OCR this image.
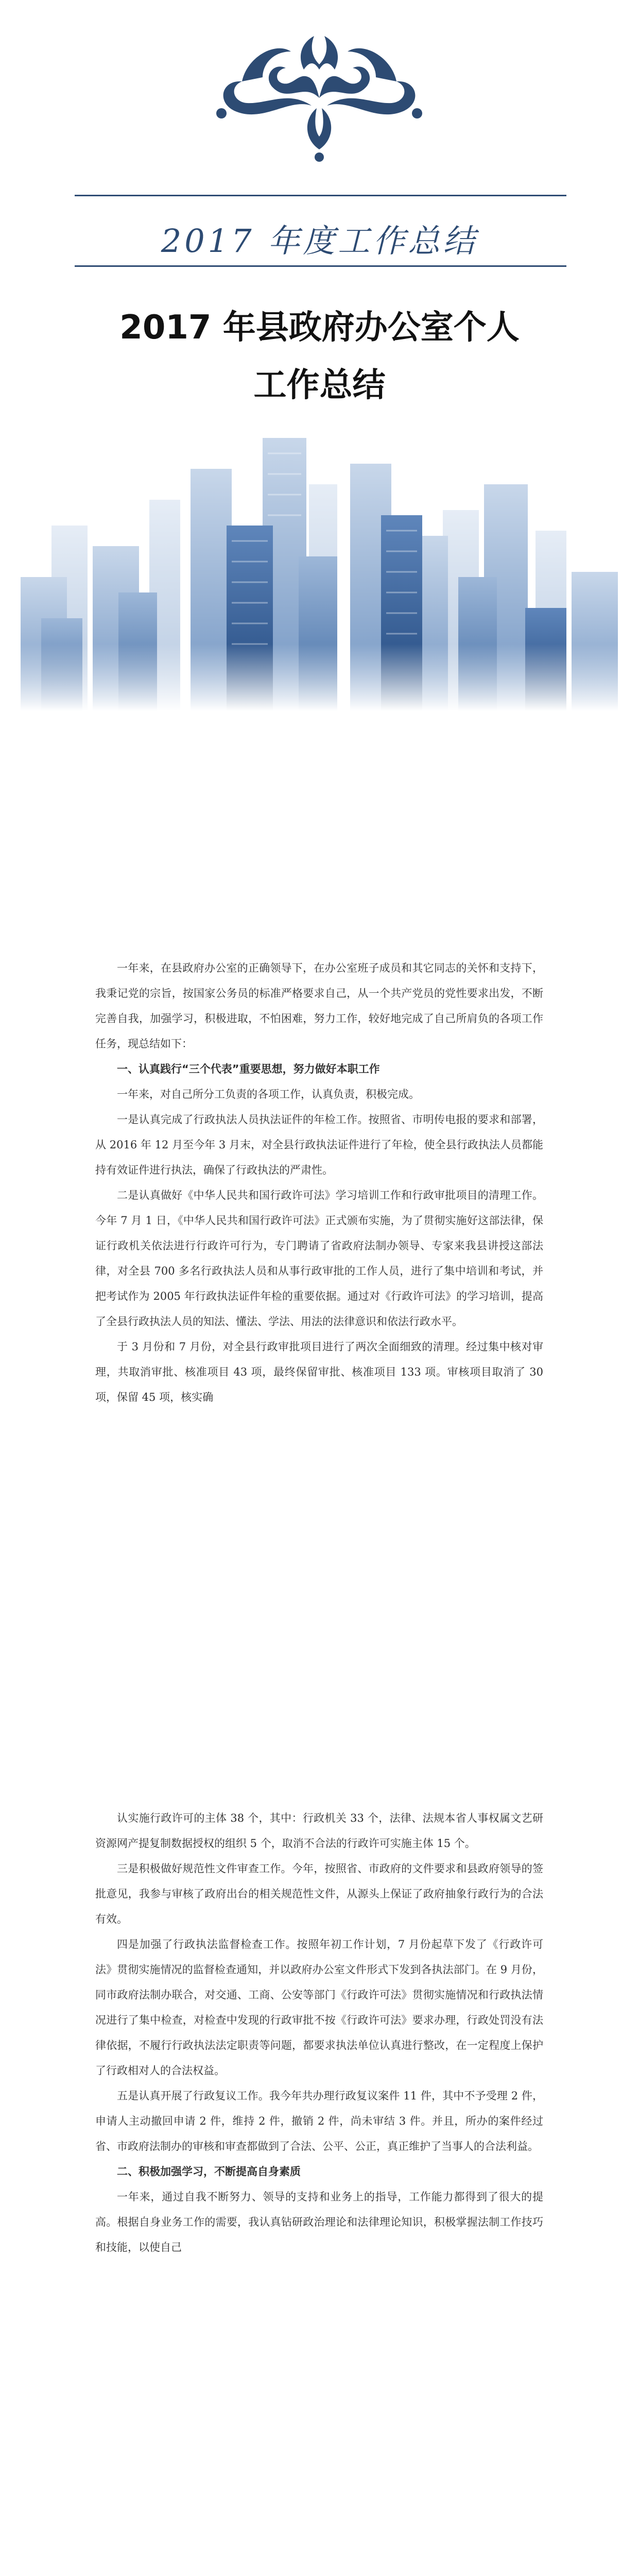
2017 年度工作总结
2017 年县政府办公室个人
工作总结

一年来，在县政府办公室的正确领导下，在办公室班子成员和其它同志的关怀和支持下，我秉记党的宗旨，按国家公务员的标准严格要求自己，从一个共产党员的党性要求出发，不断完善自我，加强学习，积极进取，不怕困难，努力工作，较好地完成了自己所肩负的各项工作任务，现总结如下：

一、认真践行“三个代表”重要思想，努力做好本职工作

一年来，对自己所分工负责的各项工作，认真负责，积极完成。

一是认真完成了行政执法人员执法证件的年检工作。按照省、市明传电报的要求和部署，从 2016 年 12 月至今年 3 月末，对全县行政执法证件进行了年检，使全县行政执法人员都能持有效证件进行执法，确保了行政执法的严肃性。

二是认真做好《中华人民共和国行政许可法》学习培训工作和行政审批项目的清理工作。今年 7 月 1 日，《中华人民共和国行政许可法》正式颁布实施，为了贯彻实施好这部法律，保证行政机关依法进行行政许可行为，专门聘请了省政府法制办领导、专家来我县讲授这部法律，对全县 700 多名行政执法人员和从事行政审批的工作人员，进行了集中培训和考试，并把考试作为 2005 年行政执法证件年检的重要依据。通过对《行政许可法》的学习培训，提高了全县行政执法人员的知法、懂法、学法、用法的法律意识和依法行政水平。

于 3 月份和 7 月份，对全县行政审批项目进行了两次全面细致的清理。经过集中核对审理，共取消审批、核准项目 43 项，最终保留审批、核准项目 133 项。审核项目取消了 30 项，保留 45 项，核实确

认实施行政许可的主体 38 个，其中：行政机关 33 个，法律、法规本省人事权属文艺研资源网产提复制数据授权的组织 5 个，取消不合法的行政许可实施主体 15 个。

三是积极做好规范性文件审查工作。今年，按照省、市政府的文件要求和县政府领导的签批意见，我参与审核了政府出台的相关规范性文件，从源头上保证了政府抽象行政行为的合法有效。

四是加强了行政执法监督检查工作。按照年初工作计划，7 月份起草下发了《行政许可法》贯彻实施情况的监督检查通知，并以政府办公室文件形式下发到各执法部门。在 9 月份，同市政府法制办联合，对交通、工商、公安等部门《行政许可法》贯彻实施情况和行政执法情况进行了集中检查，对检查中发现的行政审批不按《行政许可法》要求办理，行政处罚没有法律依据，不履行行政执法法定职责等问题，都要求执法单位认真进行整改，在一定程度上保护了行政相对人的合法权益。

五是认真开展了行政复议工作。我今年共办理行政复议案件 11 件，其中不予受理 2 件，申请人主动撤回申请 2 件，维持 2 件，撤销 2 件，尚未审结 3 件。并且，所办的案件经过省、市政府法制办的审核和审查都做到了合法、公平、公正，真正维护了当事人的合法利益。

二、积极加强学习，不断提高自身素质

一年来，通过自我不断努力、领导的支持和业务上的指导，工作能力都得到了很大的提高。根据自身业务工作的需要，我认真钻研政治理论和法律理论知识，积极掌握法制工作技巧和技能，以使自己
